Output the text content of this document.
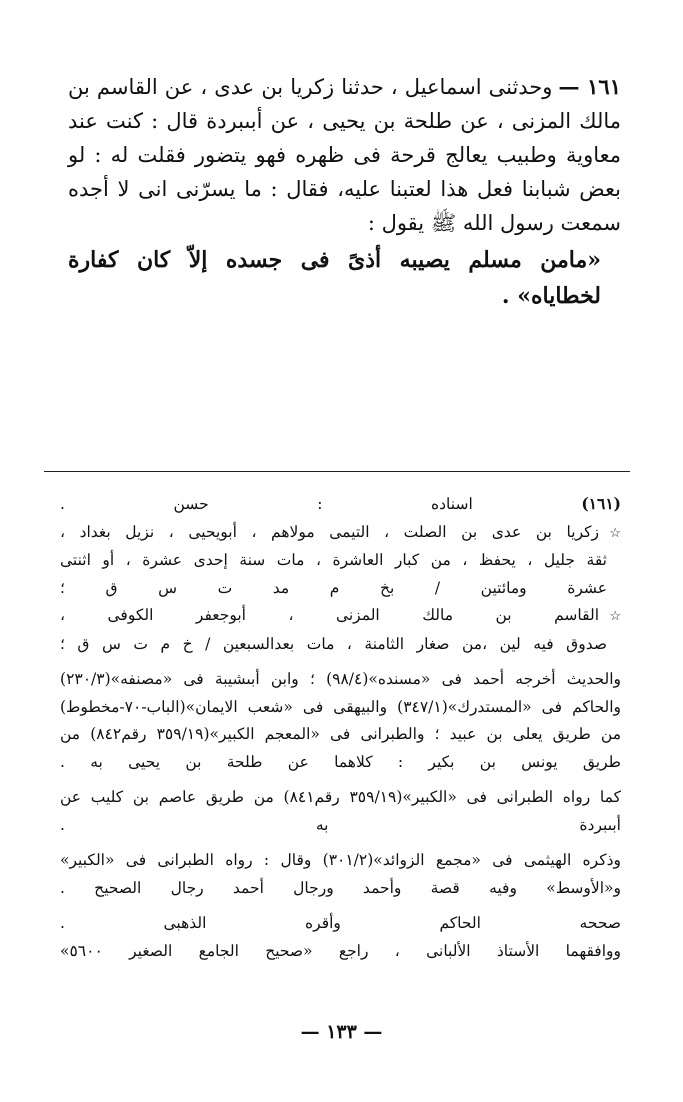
١٦١ —وحدثنى اسماعيل ، حدثنا زكريا بن عدى ، عن القاسم بن
مالك المزنى ، عن طلحة بن يحيى ، عن أبىبردة قال : كنت عند
معاوية وطبيب يعالج قرحة فى ظهره فهو يتضور فقلت له : لو
بعض شبابنا فعل هذا لعتبنا عليه، فقال : ما يسرّنى انى لا أجده
سمعت رسول الله ﷺ يقول :
«مامن مسلم يصيبه أذىً فى جسده إلاّ كان كفارة
لخطاياه» .
(١٦١) اسناده : حسن .
☆زكريا بن عدى بن الصلت ، التيمى مولاهم ، أبويحيى ، نزيل بغداد ،
ثقة جليل ، يحفظ ، من كبار العاشرة ، مات سنة إحدى عشرة ، أو اثنتى
عشرة ومائتين / بخ م مد ت س ق ؛
☆القاسم بن مالك المزنى ، أبوجعفر الكوفى ،
صدوق فيه لين ،من صغار الثامنة ، مات بعدالسبعين / خ م ت س ق ؛
والحديث أخرجه أحمد فى «مسنده»(٩٨/٤) ؛ وابن أبىشيبة فى «مصنفه»(٢٣٠/٣)
والحاكم فى «المستدرك»(٣٤٧/١) والبيهقى فى «شعب الايمان»(الباب-٧٠-مخطوط)
من طريق يعلى بن عبيد ؛ والطبرانى فى «المعجم الكبير»(٣٥٩/١٩ رقم٨٤٢) من
طريق يونس بن بكير : كلاهما عن طلحة بن يحيى به .
كما رواه الطبرانى فى «الكبير»(٣٥٩/١٩ رقم٨٤١) من طريق عاصم بن كليب عن
أبىبردة به .
وذكره الهيثمى فى «مجمع الزوائد»(٣٠١/٢) وقال : رواه الطبرانى فى «الكبير»
و«الأوسط» وفيه قصة وأحمد ورجال أحمد رجال الصحيح .
صححه الحاكم وأقره الذهبى .
ووافقهما الأستاذ الألبانى ، راجع «صحيح الجامع الصغير ٥٦٠٠»
— ١٣٣ —
